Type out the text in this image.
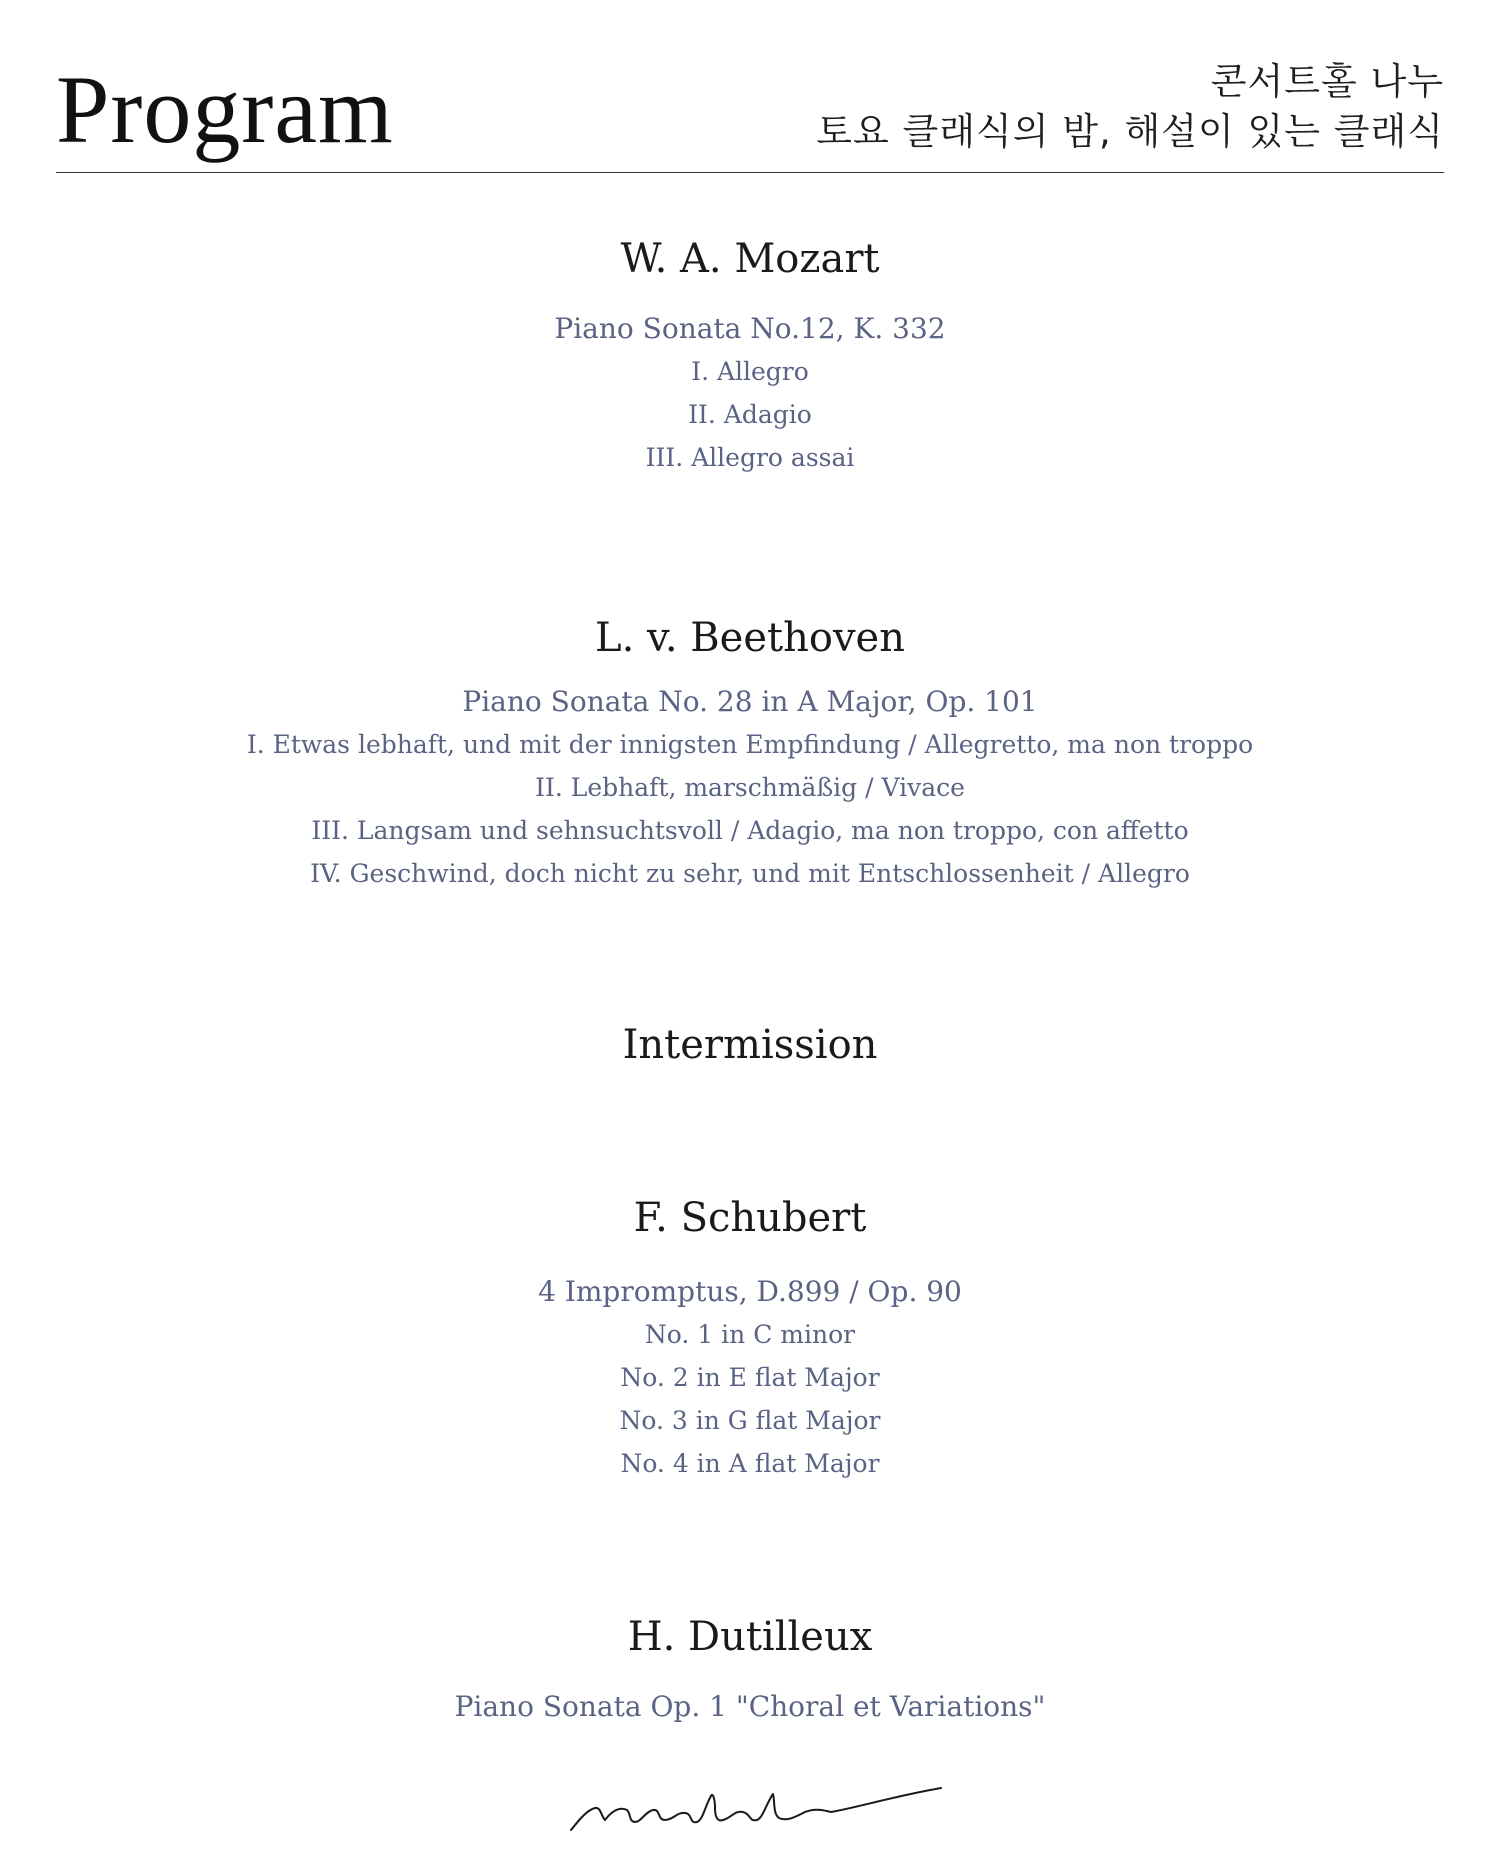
Program	콘서트홀 나누
토요 클래식의 밤, 해설이 있는 클래식
W. A. Mozart
Piano Sonata No.12, K. 332
I. Allegro
II. Adagio
III. Allegro assai
L. v. Beethoven
Piano Sonata No. 28 in A Major, Op. 101
I. Etwas lebhaft, und mit der innigsten Empfindung / Allegretto, ma non troppo
II. Lebhaft, marschmäßig / Vivace
III. Langsam und sehnsuchtsvoll / Adagio, ma non troppo, con affetto
IV. Geschwind, doch nicht zu sehr, und mit Entschlossenheit / Allegro
Intermission
F. Schubert
4 Impromptus, D.899 / Op. 90
No. 1 in C minor
No. 2 in E flat Major
No. 3 in G flat Major
No. 4 in A flat Major
H. Dutilleux
Piano Sonata Op. 1 "Choral et Variations"
